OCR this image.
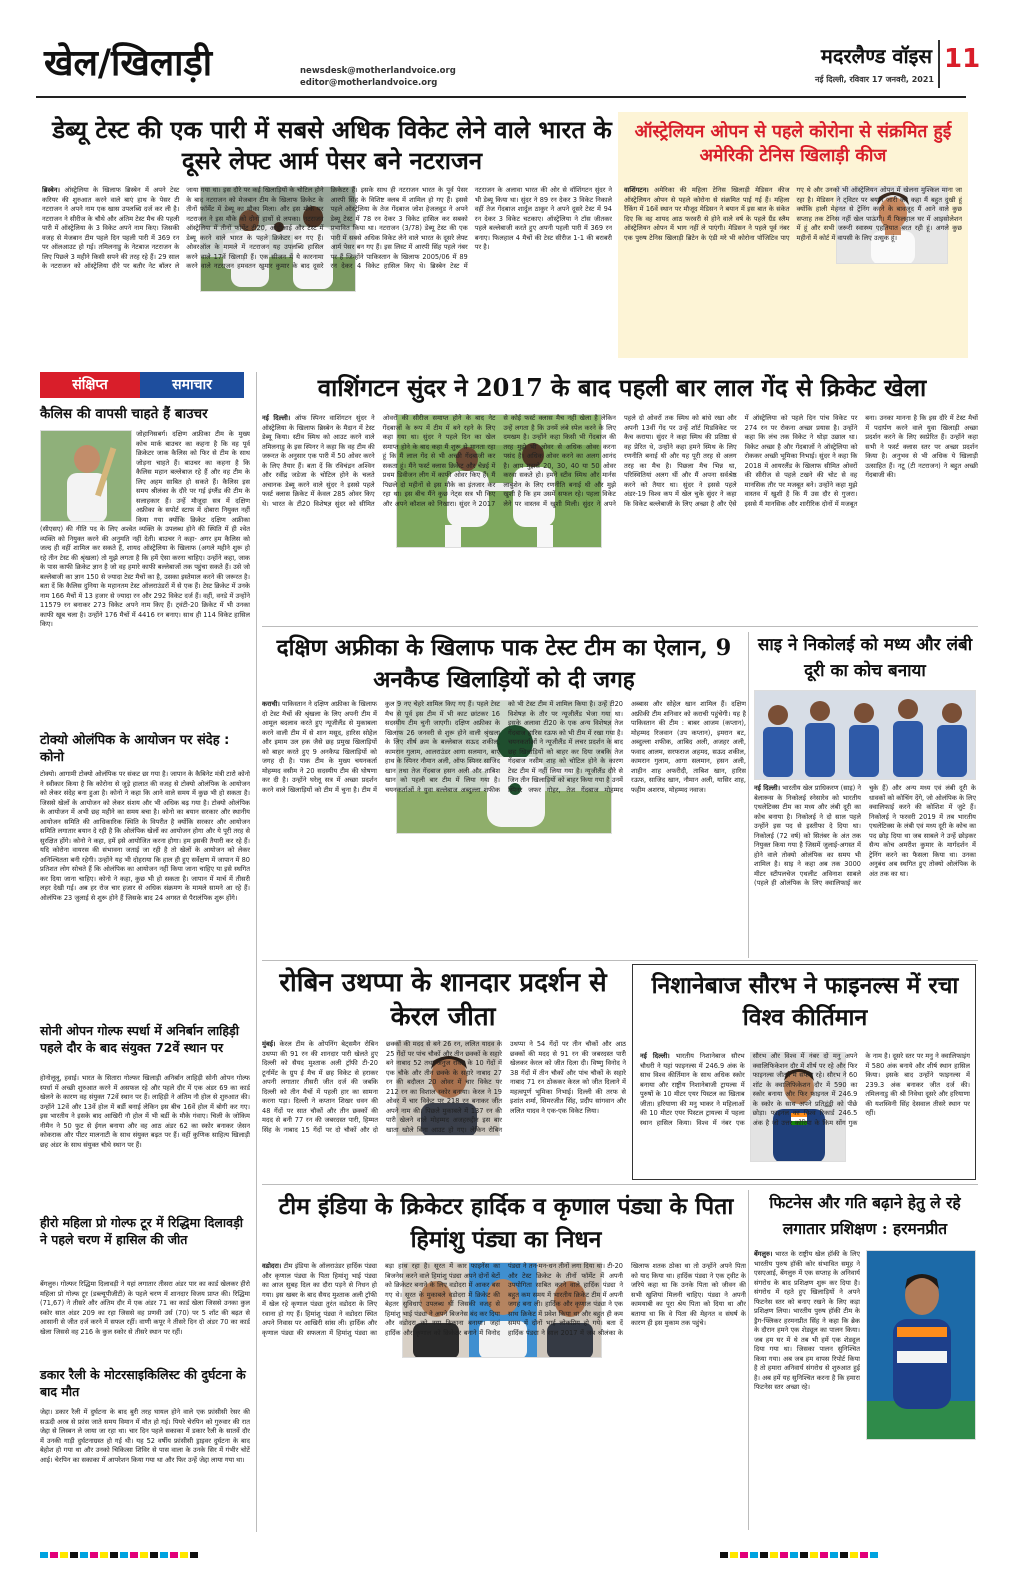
खेल/खिलाड़ी	newsdesk@motherlandvoice.org
editor@motherlandvoice.org
मदरलैण्ड वॉइस
नई दिल्ली, रविवार 17 जनवरी, 2021
11
डेब्यू टेस्ट की एक पारी में सबसे अधिक विकेट लेने वाले भारत के दूसरे लेफ्ट आर्म पेसर बने नटराजन
ब्रिस्बेन। ऑस्ट्रेलिया के खिलाफ ब्रिस्बेन में अपने टेस्ट करियर की शुरुआत करने वाले बाएं हाथ के पेसर टी नटराजन ने अपने नाम एक खास उपलब्धि दर्ज कर ली है। नटराजन ने सीरीज के चौथे और अंतिम टेस्ट मैच की पहली पारी में ऑस्ट्रेलिया के 3 विकेट अपने नाम किए। जिसकी वजह से मेजबान टीम पहले दिन पहली पारी में 369 रन पर ऑलआउट हो गई। तमिलनाडु के नेटबाज नटराजन के लिए पिछले 3 महीने किसी सपने की तरह रहे हैं। 29 साल के नटराजन को ऑस्ट्रेलिया दौरे पर बतौर नेट बॉलर ले जाया गया था। इस दौरे पर कई खिलाड़ियों के चोटिल होने के बाद नटराजन को मेजबान टीम के खिलाफ क्रिकेट के तीनों फॉर्मेट में डेब्यू का मौका मिला। और इस मौके पर नटराजन ने इस मौके को दोनों हाथों से लपका। नटराजन ऑस्ट्रेलिया में तीनों फॉर्मेट टी20, ओडीआई और टेस्ट में डेब्यू करने वाले भारत के पहले क्रिकेटर बन गए हैं। ओवरऑल के मामले में नटराजन यह उपलब्धि हासिल करने वाले 17वें खिलाड़ी हैं। एक सीजन में ये कारनामा करने वाले नटराजन हमवतन खुमार कुमार के बाद दूसरे क्रिकेटर हैं। इसके साथ ही नटराजन भारत के पूर्व पेसर आरपी सिंह के विशिष्ट क्लब में शामिल हो गए हैं। इससे पहले ऑस्ट्रेलिया के तेज गेंदबाज जोश हेजलवुड ने अपने डेब्यू टेस्ट में 78 रन देकर 3 विकेट हासिल कर सबको प्रभावित किया था। नटराजन (3/78) डेब्यू टेस्ट की एक पारी में सबसे अधिक विकेट लेने वाले भारत के दूसरे लेफ्ट आर्म पेसर बन गए हैं। इस लिस्ट में आरपी सिंह पहले नंबर पर हैं जिन्होंने पाकिस्तान के खिलाफ 2005/06 में 89 रन देकर 4 विकेट हासिल किए थे। ब्रिस्बेन टेस्ट में नटराजन के अलावा भारत की ओर से वॉशिंगटन सुंदर ने भी डेब्यू किया था। सुंदर ने 89 रन देकर 3 विकेट निकाले वहीं तेज गेंदबाज शार्दुल ठाकुर ने अपने दूसरे टेस्ट में 94 रन देकर 3 विकेट चटकाए। ऑस्ट्रेलिया ने टॉस जीतकर पहले बल्लेबाजी करते हुए अपनी पहली पारी में 369 रन बनाए। फिलहाल 4 मैचों की टेस्ट सीरीज 1-1 की बराबरी पर है।
ऑस्ट्रेलियन ओपन से पहले कोरोना से संक्रमित हुई अमेरिकी टेनिस खिलाड़ी कीज
वाशिंगटन। अमेरिका की महिला टेनिस खिलाड़ी मेडिसन कीज ऑस्ट्रेलियन ओपन से पहले कोरोना से संक्रमित पाई गई हैं। महिला रैंकिंग में 16वें स्थान पर मौजूद मेडिसन ने बयान में इस बात के संकेत दिए कि वह शायद आठ फरवरी से होने वाले वर्ष के पहले ग्रैंड स्लैम ऑस्ट्रेलियन ओपन में भाग नहीं ले पाएंगी। मेडिसन ने पहले पूर्व नंबर एक पुरुष टेनिस खिलाड़ी ब्रिटेन के एंडी मरे भी कोरोना पॉजिटिव पाए गए थे और उनको भी ऑस्ट्रेलियन ओपन में खेलना मुश्किल माना जा रहा है। मेडिसन ने ट्विटर पर बयान जारी कर कहा मैं बहुत दुखी हूं क्योंकि हाली मेहनत से ट्रेनिंग करने के बावजूद मैं आने वाले कुछ सप्ताह तक टेनिस नहीं खेल पाऊंगी। मैं फिलहाल घर में आइसोलेशन में हूं और सभी जरूरी स्वास्थ्य एहतियात बरत रही हूं। अगले कुछ महीनों में कोर्ट में वापसी के लिए उत्सुक हूं।
संक्षिप्त	समाचार
कैलिस की वापसी चाहते हैं बाउचर
जोहानिसबर्ग। दक्षिण अफ्रीका टीम के मुख्य कोच मार्क बाउचर का कहना है कि वह पूर्व क्रिकेटर जाक कैलिस को फिर से टीम के साथ जोड़ना चाहते हैं। बाउचर का कहना है कि कैलिस महान बल्लेबाज रहे हैं और वह टीम के लिए अहम साबित हो सकते हैं। कैलिस इस समय श्रीलंका के दौरे पर गई इंग्लैंड की टीम के सलाहकार हैं। उन्हें मौजूदा सत्र में दक्षिण अफ्रीका के सपोर्ट स्टाफ में दोबारा नियुक्त नहीं किया गया क्योंकि क्रिकेट दक्षिण अफ्रीका (सीएसए) की नीति पद के लिए अश्वेत व्यक्ति के उपलब्ध होने की स्थिति में ही श्वेत व्यक्ति को नियुक्त करने की अनुमति नहीं देती। बाउचर ने कहा- अगर हम कैलिस को जल्द ही वहीं शामिल कर सकते हैं, शायद ऑस्ट्रेलिया के खिलाफ (अगले महीने शुरू हो रहे तीन टेस्ट की श्रृंखला) तो मुझे लगता है कि हमें ऐसा करना चाहिए। उन्होंने कहा, जाक के पास काफी क्रिकेट ज्ञान है जो वह हमारे काफी बल्लेबाजों तक पहुंचा सकते हैं। उसे जो बल्लेबाजी का ज्ञान 150 से ज्यादा टेस्ट मैचों का है, उसका इस्तेमाल करने की जरूरत है। बता दें कि कैलिस दुनिया के महानतम टेस्ट ऑलराउंडरों में से एक हैं। टेस्ट क्रिकेट में उनके नाम 166 मैचों में 13 हजार से ज्यादा रन और 292 विकेट दर्ज हैं। वहीं, वनडे में उन्होंने 11579 रन बनाकर 273 विकेट अपने नाम किए हैं। ट्वंटी-20 क्रिकेट में भी उनका काफी खूब चला है। उन्होंने 176 मैचों में 4416 रन बनाए। साथ ही 114 विकेट हासिल किए।
टोक्यो ओलंपिक के आयोजन पर संदेह : कोनो
टोक्यो। आगामी टोक्यो ओलंपिक पर संकट छा गया है। जापान के कैबिनेट मंत्री टारो कोनो ने स्वीकार किया है कि कोरोना से जुड़े हालात की वजह से टोक्यो ओलंपिक के आयोजन को लेकर संदेह बना हुआ है। कोनो ने कहा कि आने वाले समय में कुछ भी हो सकता है। जिससे खेलों के आयोजन को लेकर संशय और भी अधिक बढ़ गया है। टोक्यो ओलंपिक के आयोजन में अभी छह महीने का समय बचा है। कोनो का बयान सरकार और स्थानीय आयोजन समिति की आधिकारिक स्थिति के विपरीत है क्योंकि सरकार और आयोजन समिति लगातार बयान दे रही है कि ओलंपिक खेलों का आयोजन होगा और ये पूरी तरह से सुरक्षित होंगे। कोनो ने कहा, हमें इसे आयोजित करना होगा। हम इसकी तैयारी कर रहे हैं। यदि कोरोना वायरस की संभावना जताई जा रही है तो खेलों के आयोजन को लेकर अनिश्चितता बनी रहेगी। उन्होंने यह भी दोहराया कि हाल ही हुए सर्वेक्षण में जापान में 80 प्रतिशत लोग सोचते हैं कि ओलंपिक का आयोजन नहीं किया जाना चाहिए या इसे स्थगित कर दिया जाना चाहिए। कोनो ने कहा, कुछ भी हो सकता है। जापान में मार्च में तीसरी लहर देखी गई। अब हर रोज चार हजार से अधिक संक्रमण के मामले सामने आ रहे हैं। ओलंपिक 23 जुलाई से शुरू होने हैं जिसके बाद 24 अगस्त से पैरालंपिक शुरू होंगे।
सोनी ओपन गोल्फ स्पर्धा में अनिर्बान लाहिड़ी पहले दौर के बाद संयुक्त 72वें स्थान पर
होनोलूलू, हवाई। भारत के सितारा गोल्फर खिलाड़ी अनिर्बान लाहिड़ी सोनी ओपन गोल्फ स्पर्धा में अच्छी शुरुआत करने में असफल रहे और पहले दौर में एक अंडर 69 का कार्ड खेलने के कारण वह संयुक्त 72वें स्थान पर हैं। लाहिड़ी ने अंतिम नौ होल से शुरुआत की। उन्होंने 12वें और 13वें होल में बर्डी बनाई लेकिन इस बीच 16वें होल में बोगी कर गए। इस भारतीय ने इसके बाद आखिरी नौ होल में भी बर्डी के मौके गंवाए। चिली के जोकिम नीमैन ने 50 फुट से ईगल बनाया और वह आठ अंडर 62 का स्कोर बनाकर जेसन कोकराक और पीटर मालनाटी के साथ संयुक्त बढ़त पर हैं। वहीं कुणिक साहित्य खिलाड़ी छह अंडर के साथ संयुक्त चौथे स्थान पर हैं।
हीरो महिला प्रो गोल्फ टूर में रिद्धिमा दिलावड़ी ने पहले चरण में हासिल की जीत
बेंगलुरु। गोल्फर रिद्धिमा दिलावड़ी ने यहां लगातार तीसरा अंडर पार का कार्ड खेलकर हीरो महिला प्रो गोल्फ टूर (डब्ल्यूपीजीटी) के पहले चरण में शानदार विजय प्राप्त की। रिद्धिमा (71,67) ने तीसरे और अंतिम दौर में एक अंडर 71 का कार्ड खेला जिससे उनका कुल स्कोर सात अंडर 209 का रहा जिससे वह प्रणवी उर्स (70) पर 5 शॉट की बढ़त से आसानी से जीत दर्ज करने में सफल रहीं। वाणी कपूर ने तीसरे दिन दो अंडर 70 का कार्ड खेला जिससे वह 216 के कुल स्कोर से तीसरे स्थान पर रहीं।
डकार रैली के मोटरसाइकिलिस्ट की दुर्घटना के बाद मौत
जेद्दा। डकार रैली में दुर्घटना के बाद बुरी तरह घायल होने वाले एक फ्रांसीसी रेसर की सऊदी अरब से फ्रांस जाते समय विमान में मौत हो गई। पियरे चेरपिन को गुरुवार की रात जेद्दा से लिस्बन ले जाया जा रहा था। चार दिन पहले सकाका में डकार रैली के सातवें दौर में उनकी गाड़ी दुर्घटनाग्रस्त हो गई थी। यह 52 वर्षीय फ्रांसीसी ड्राइवर दुर्घटना के बाद बेहोश हो गया था और उनको चिकित्सा शिविर से पास वाला के उनके सिर में गंभीर चोटें आई। चेरपिन का सकाका में आपरेशन किया गया था और फिर उन्हें जेद्दा लाया गया था।
वाशिंगटन सुंदर ने 2017 के बाद पहली बार लाल गेंद से क्रिकेट खेला
नई दिल्ली। ऑफ स्पिनर वाशिंगटन सुंदर ने ऑस्ट्रेलिया के खिलाफ ब्रिस्बेन के मैदान में टेस्ट डेब्यू किया। स्टीव स्मिथ को आउट करने वाले तमिलनाडु के इस स्पिनर ने कहा कि वह टीम की जरूरत के अनुसार एक पारी में 50 ओवर करने के लिए तैयार हैं। बता दें कि रविचंद्रन अश्विन और रवींद्र जडेजा के चोटिल होने के चलते अचानक डेब्यू करने वाले सुंदर ने इससे पहले फर्स्ट क्लास क्रिकेट में केवल 285 ओवर किए थे। भारत के टी20 विशेषज्ञ सुंदर को सीमित ओवरों की सीरीज समाप्त होने के बाद नेट गेंदबाजों के रूप में टीम में बने रहने के लिए कहा गया था। सुंदर ने पहले दिन का खेल समाप्त होने के बाद कहा मैं शुरू से मानता रहा हूं कि मैं लाल गेंद से भी अच्छी गेंदबाजी कर सकता हूं। मैंने फर्स्ट क्लास क्रिकेट और चेन्नई में प्रथम डिवीजन लीग में काफी ओवर किए हैं। मैं पिछले दो महीनों से इस मौके का इंतजार कर रहा था। इस बीच मैंने कुछ नेट्स सत्र भी किए और अपने कौशल को निखारा। सुंदर ने 2017 से कोई फर्स्ट क्लास मैच नहीं खेला है लेकिन उन्हें लगता है कि उनमें लंबे स्पेल करने के लिए दमखम है। उन्होंने कहा किसी भी गेंदबाज की तरह मुझे भी ओवर से अधिक ओवर करना पसंद है। अधिक ओवर करने का अलग आनंद है। आप मुझसे 20, 30, 40 या 50 ओवर करवा सकते हो। हमने स्टीव स्मिथ और मार्नस लाबुशेन के लिए रणनीति बनाई थी और मुझे खुशी है कि हम उसमें सफल रहे। पहला विकेट लेने पर वास्तव में खुशी मिली। सुंदर ने अपने पहले दो ओवरों तक स्मिथ को बांधे रखा और अपनी 13वीं गेंद पर उन्हें शॉर्ट मिडविकेट पर कैच कराया। सुंदर ने कहा स्मिथ की प्रतिष्ठा से वह प्रेरित थे, उन्होंने कहा हमने स्मिथ के लिए रणनीति बनाई थी और यह पूरी तरह से अलग तरह का मैच है। पिछला मैच भिन्न था, परिस्थितियां अलग थीं और मैं अपना सर्वश्रेष्ठ करने को तैयार था। सुंदर ने इससे पहले अंडर-19 विश्व कप में खेल चुके सुंदर ने कहा कि विकेट बल्लेबाजी के लिए अच्छा है और ऐसे में ऑस्ट्रेलिया को पहले दिन पांच विकेट पर 274 रन पर रोकना अच्छा प्रयास है। उन्होंने कहा कि लंच तक विकेट ने थोड़ा उछाल था। विकेट अच्छा है और गेंदबाजों ने ऑस्ट्रेलिया को रोककर अच्छी भूमिका निभाई। सुंदर ने कहा कि 2018 में आयरलैंड के खिलाफ सीमित ओवरों की सीरीज से पहले टखने की चोट से वह मानसिक तौर पर मजबूत बने। उन्होंने कहा मुझे वास्तव में खुशी है कि मैं उस दौर से गुजरा। इससे मैं मानसिक और शारीरिक दोनों में मजबूत बना। उनका मानना है कि इस दौरे में टेस्ट मैचों में पदार्पण करने वाले युवा खिलाड़ी अच्छा प्रदर्शन करने के लिए स्वप्रेरित हैं। उन्होंने कहा सभी ने फर्स्ट क्लास स्तर पर अच्छा प्रदर्शन किया है। अनुभव से भी अधिक ये खिलाड़ी उत्साहित हैं। नटू (टी नटराजन) ने बहुत अच्छी गेंदबाजी की।
दक्षिण अफ्रीका के खिलाफ पाक टेस्ट टीम का ऐलान, 9 अनकैप्ड खिलाड़ियों को दी जगह
कराची। पाकिस्तान ने दक्षिण अफ्रीका के खिलाफ दो टेस्ट मैचों की श्रृंखला के लिए अपनी टीम में आमूल बदलाव करते हुए न्यूजीलैंड से मुकाबला करने वाली टीम में से शान मसूद, हारिस सोहेल और इमाम उल हक जैसे छह प्रमुख खिलाड़ियों को बाहर करते हुए 9 अनकैप्ड खिलाड़ियों को जगह दी है। पाक टीम के मुख्य चयनकर्ता मोहम्मद वसीम ने 20 सदस्यीय टीम की घोषणा कर दी है। उन्होंने घरेलू सत्र में अच्छा प्रदर्शन करने वाले खिलाड़ियों को टीम में चुना है। टीम में कुल 9 नए चेहरे शामिल किए गए हैं। पहले टेस्ट मैच से पूर्व इस टीम में भी काट छांटकर 16 सदस्यीय टीम चुनी जाएगी। दक्षिण अफ्रीका के खिलाफ 26 जनवरी से शुरू होने वाली श्रृंखला के लिए शीर्ष क्रम के बल्लेबाज सऊद शकील, कामरान गुलाम, आलराउंडर आगा सलमान, बाएं हाथ के स्पिनर नौमान अली, ऑफ स्पिनर साजिद खान तथा तेज गेंदबाज हसन अली और ताबिश खान को पहली बार टीम में लिया गया है। चयनकर्ताओं ने युवा बल्लेबाज अब्दुल्ला शफीक को भी टेस्ट टीम में शामिल किया है। उन्हें टी20 विशेषज्ञ के तौर पर न्यूजीलैंड भेजा गया था। इसके अलावा टी20 के एक अन्य विशेषज्ञ तेज गेंदबाज हारिस रऊफ को भी टीम में रखा गया है। चयनकर्ताओं ने न्यूजीलैंड में लचर प्रदर्शन के बाद छह खिलाड़ियों को बाहर कर दिया जबकि तेज गेंदबाज नसीम शाह को चोटिल होने के कारण टेस्ट टीम में नहीं लिया गया है। न्यूजीलैंड दौरे से जिन तीन खिलाड़ियों को बाहर किया गया है उनमें स्पिनर जफर गोहर, तेज गेंदबाज मोहम्मद अब्बास और सोहेल खान शामिल हैं। दक्षिण अफ्रीकी टीम शनिवार को कराची पहुंचेगी। यह है पाकिस्तान की टीम : बाबर आजम (कप्तान), मोहम्मद रिजवान (उप कप्तान), इमरान बट, अब्दुल्ला शफीक, आबिद अली, अजहर अली, फवाद आलम, सरफराज अहमद, सऊद शकील, कामरान गुलाम, आगा सलमान, हसन अली, शाहीन शाह अफरीदी, ताबिश खान, हारिस रऊफ, साजिद खान, नौमान अली, यासिर शाह, फहीम अशरफ, मोहम्मद नवाज।
साइ ने निकोलई को मध्य और लंबी दूरी का कोच बनाया
नई दिल्ली। भारतीय खेल प्राधिकरण (साइ) ने बेलारूस के निकोलई स्नेसारेव को भारतीय एथलेटिक्स टीम का मध्य और लंबी दूरी का कोच बनाया है। निकोलई ने दो साल पहले उन्होंने इस पद से इस्तीफा दे दिया था। निकोलई (72 वर्ष) को सितंबर के अंत तक नियुक्त किया गया है जिसमें जुलाई-अगस्त में होने वाले तोक्यो ओलंपिक का समय भी शामिल है। साइ ने कहा अब तक 3000 मीटर स्टीपलचेज एथलीट अविनाश साबले (पहले ही ओलंपिक के लिए क्वालिफाई कर चुके हैं) और अन्य मध्य एवं लंबी दूरी के धावकों को कोचिंग देंगे, जो ओलंपिक के लिए क्वालिफाई करने की कोशिश में जुटे हैं। निकोलई ने फरवरी 2019 में तब भारतीय एथलेटिक्स के लंबी एवं मध्य दूरी के कोच का पद छोड़ दिया था जब साबले ने उन्हें छोड़कर सैन्य कोच अमरीश कुमार के मार्गदर्शन में ट्रेनिंग करने का फैसला किया था। उनका अनुबंध अब स्थगित हुए तोक्यो ओलंपिक के अंत तक का था।
रोबिन उथप्पा के शानदार प्रदर्शन से केरल जीता
मुंबई। केरल टीम के ओपनिंग बेट्समैन रोबिन उथप्पा की 91 रन की शानदार पारी खेलते हुए दिल्ली को सैयद मुश्ताक अली ट्रॉफी टी-20 टूर्नामेंट के ग्रुप ई मैच में छह विकेट से हराकर अपनी लगातार तीसरी जीत दर्ज की जबकि दिल्ली को तीन मैचों में पहली हार का सामना करना पड़ा। दिल्ली ने कप्तान शिखर धवन की 48 गेंदों पर सात चौकों और तीन छक्कों की मदद से बनी 77 रन की जबरदस्त पारी, हिम्मत सिंह के नाबाद 15 गेंदों पर दो चौकों और दो छक्कों की मदद से बने 26 रन, ललित यादव के 25 गेंदों पर पांच चौकों और तीन छक्कों के सहारे बने नाबाद 52 तथा अनुज रावत के 10 गेंदों में एक चौके और तीन छक्के के सहारे नाबाद 27 रन की बदौलत 20 ओवर में चार विकेट पर 212 रन का विशाल स्कोर बनाया। केरल ने 19 ओवर में चार विकेट पर 218 रन बनाकर जीत अपने नाम की। पिछले मुकाबले में 137 रन की पारी खेलने वाले मोहम्मद अजहरुद्दीन इस बार खाता खोले बिना आउट हो गए। लेकिन रोबिन उथप्पा ने 54 गेंदों पर तीन चौकों और आठ छक्कों की मदद से 91 रन की जबरदस्त पारी खेलकर केरल को जीत दिला दी। विष्णु विनोद ने 38 गेंदों में तीन चौकों और पांच चौकों के सहारे नाबाद 71 रन ठोककर केरल को जीत दिलाने में महत्वपूर्ण भूमिका निभाई। दिल्ली की तरफ से इशांत शर्मा, सिमरजीत सिंह, प्रदीप सांगवान और ललित यादव ने एक-एक विकेट लिया।
निशानेबाज सौरभ ने फाइनल्स में रचा विश्व कीर्तिमान
नई दिल्ली। भारतीय निशानेबाज सौरभ चौधरी ने यहां फाइनल्स में 246.9 अंक के साथ विश्व कीर्तिमान के साथ अधिक स्कोर बनाया और राष्ट्रीय निशानेबाजी ट्रायल्स में पुरुषों के 10 मीटर एयर पिस्टल का खिताब जीता। हरियाणा की मनु भाकर ने महिलाओं की 10 मीटर एयर पिस्टल ट्रायल्स में पहला स्थान हासिल किया। विश्व में नंबर एक सौरभ और विश्व में नंबर दो मनु अपने क्वालिफिकेशन दौर में शीर्ष पर रहे और फिर फाइनल्स जीतने में सफल रहे। सौरभ ने 60 शॉट के क्वालिफिकेशन दौर में 590 का स्कोर बनाया और फिर फाइनल में 246.9 के स्कोर के साथ अपने प्रतिद्वंद्वी को पीछे छोड़ा। फाइनल का विश्व रिकार्ड 246.5 अंक है जो उत्तर कोरिया के किम सोंग गुक के नाम है। दूसरे स्तर पर मनु ने क्वालिफाइंग में 580 अंक बनाये और शीर्ष स्थान हासिल किया। इसके बाद उन्होंने फाइनल्स में 239.3 अंक बनाकर जीत दर्ज की। तमिलनाडु की श्री निवेथा दूसरे और हरियाणा की यशस्विनी सिंह देसवाल तीसरे स्थान पर रहीं।
टीम इंडिया के क्रिकेटर हार्दिक व कृणाल पंड्या के पिता हिमांशु पंड्या का निधन
वडोदरा। टीम इंडिया के ऑलराउंडर हार्दिक पंड्या और कृणाल पंड्या के पिता हिमांशु भाई पंड्या का आज सुबह दिल का दौरा पड़ने से निधन हो गया। इस खबर के बाद सैयद मुश्ताक अली ट्रॉफी में खेल रहे कृणाल पंड्या तुरंत वडोदरा के लिए रवाना हो गए हैं। हिमांशु पंड्या ने वडोदरा स्थित अपने निवास पर आखिरी सांस ली। हार्दिक और कृणाल पंड्या की सफलता में हिमांशु पंड्या का बड़ा हाथ रहा है। सूरत में कार फाइनेंस का बिजनेस करने वाले हिमांशु पंड्या अपने दोनों बेटों को क्रिकेटर बनाने के लिए वडोदरा में आकर बस गए थे। सूरत के मुकाबले वडोदरा में क्रिकेट की बेहतर सुविधाएं उपलब्ध थीं जिसकी वजह से हिमांशु भाई पंड्या ने अपने बिजनेस बंद कर दिया और वडोदरा को नया ठिकाना बनाया। जहां हार्दिक और कृणाल को क्रिकेटर बनाने में विनोद पंड्या ने तन-मन-धन तीनों लगा दिया था। टी-20 और टेस्ट क्रिकेट के तीनों फॉर्मेट में अपनी उपयोगिता साबित करने वाले हार्दिक पंड्या ने बहुत कम समय में भारतीय क्रिकेट टीम में अपनी जगह बना ली। हार्दिक और कृणाल पंड्या ने एक साथ क्रिकेट में प्रवेश किया था और बहुत ही कम समय में दोनों भाई लोकप्रिय हो गये। बता दें हार्दिक पंड्या ने साल 2017 में जब श्रीलंका के खिलाफ शतक ठोका था तो उन्होंने अपने पिता को याद किया था। हार्दिक पंड्या ने एक ट्वीट के जरिये कहा था कि उनके पिता को जीवन की सभी खुशियां मिलनी चाहिए। पंड्या ने अपनी कामयाबी का पूरा श्रेय पिता को दिया था और बताया था कि वे पिता की मेहनत व संघर्ष के कारण ही इस मुकाम तक पहुंचे।
फिटनेस और गति बढ़ाने हेतु ले रहे लगातार प्रशिक्षण : हरमनप्रीत
बेंगलुरु। भारत के राष्ट्रीय खेल हॉकी के लिए भारतीय पुरुष हॉकी कोर संभावित समूह ने एसएआई, बेंगलुरु में एक सप्ताह के अनिवार्य संगरोध के बाद प्रशिक्षण शुरू कर दिया है। संगरोध में रहते हुए खिलाड़ियों ने अपने फिटनेस स्तर को बनाए रखने के लिए कड़ा प्रशिक्षण लिया। भारतीय पुरुष हॉकी टीम के ड्रैग-फ्लिकर हरमनप्रीत सिंह ने कहा कि ब्रेक के दौरान हमने एक शेड्यूल का पालन किया। जब हम घर में थे तब भी हमें एक शेड्यूल दिया गया था। जिसका पालन सुनिश्चित किया गया। अब जब हम वापस रिपोर्ट किया है तो हमारा अनिवार्य संगरोध से शुरुआत हुई है। अब हमें यह सुनिश्चित करना है कि हमारा फिटनेस स्तर अच्छा रहे।
